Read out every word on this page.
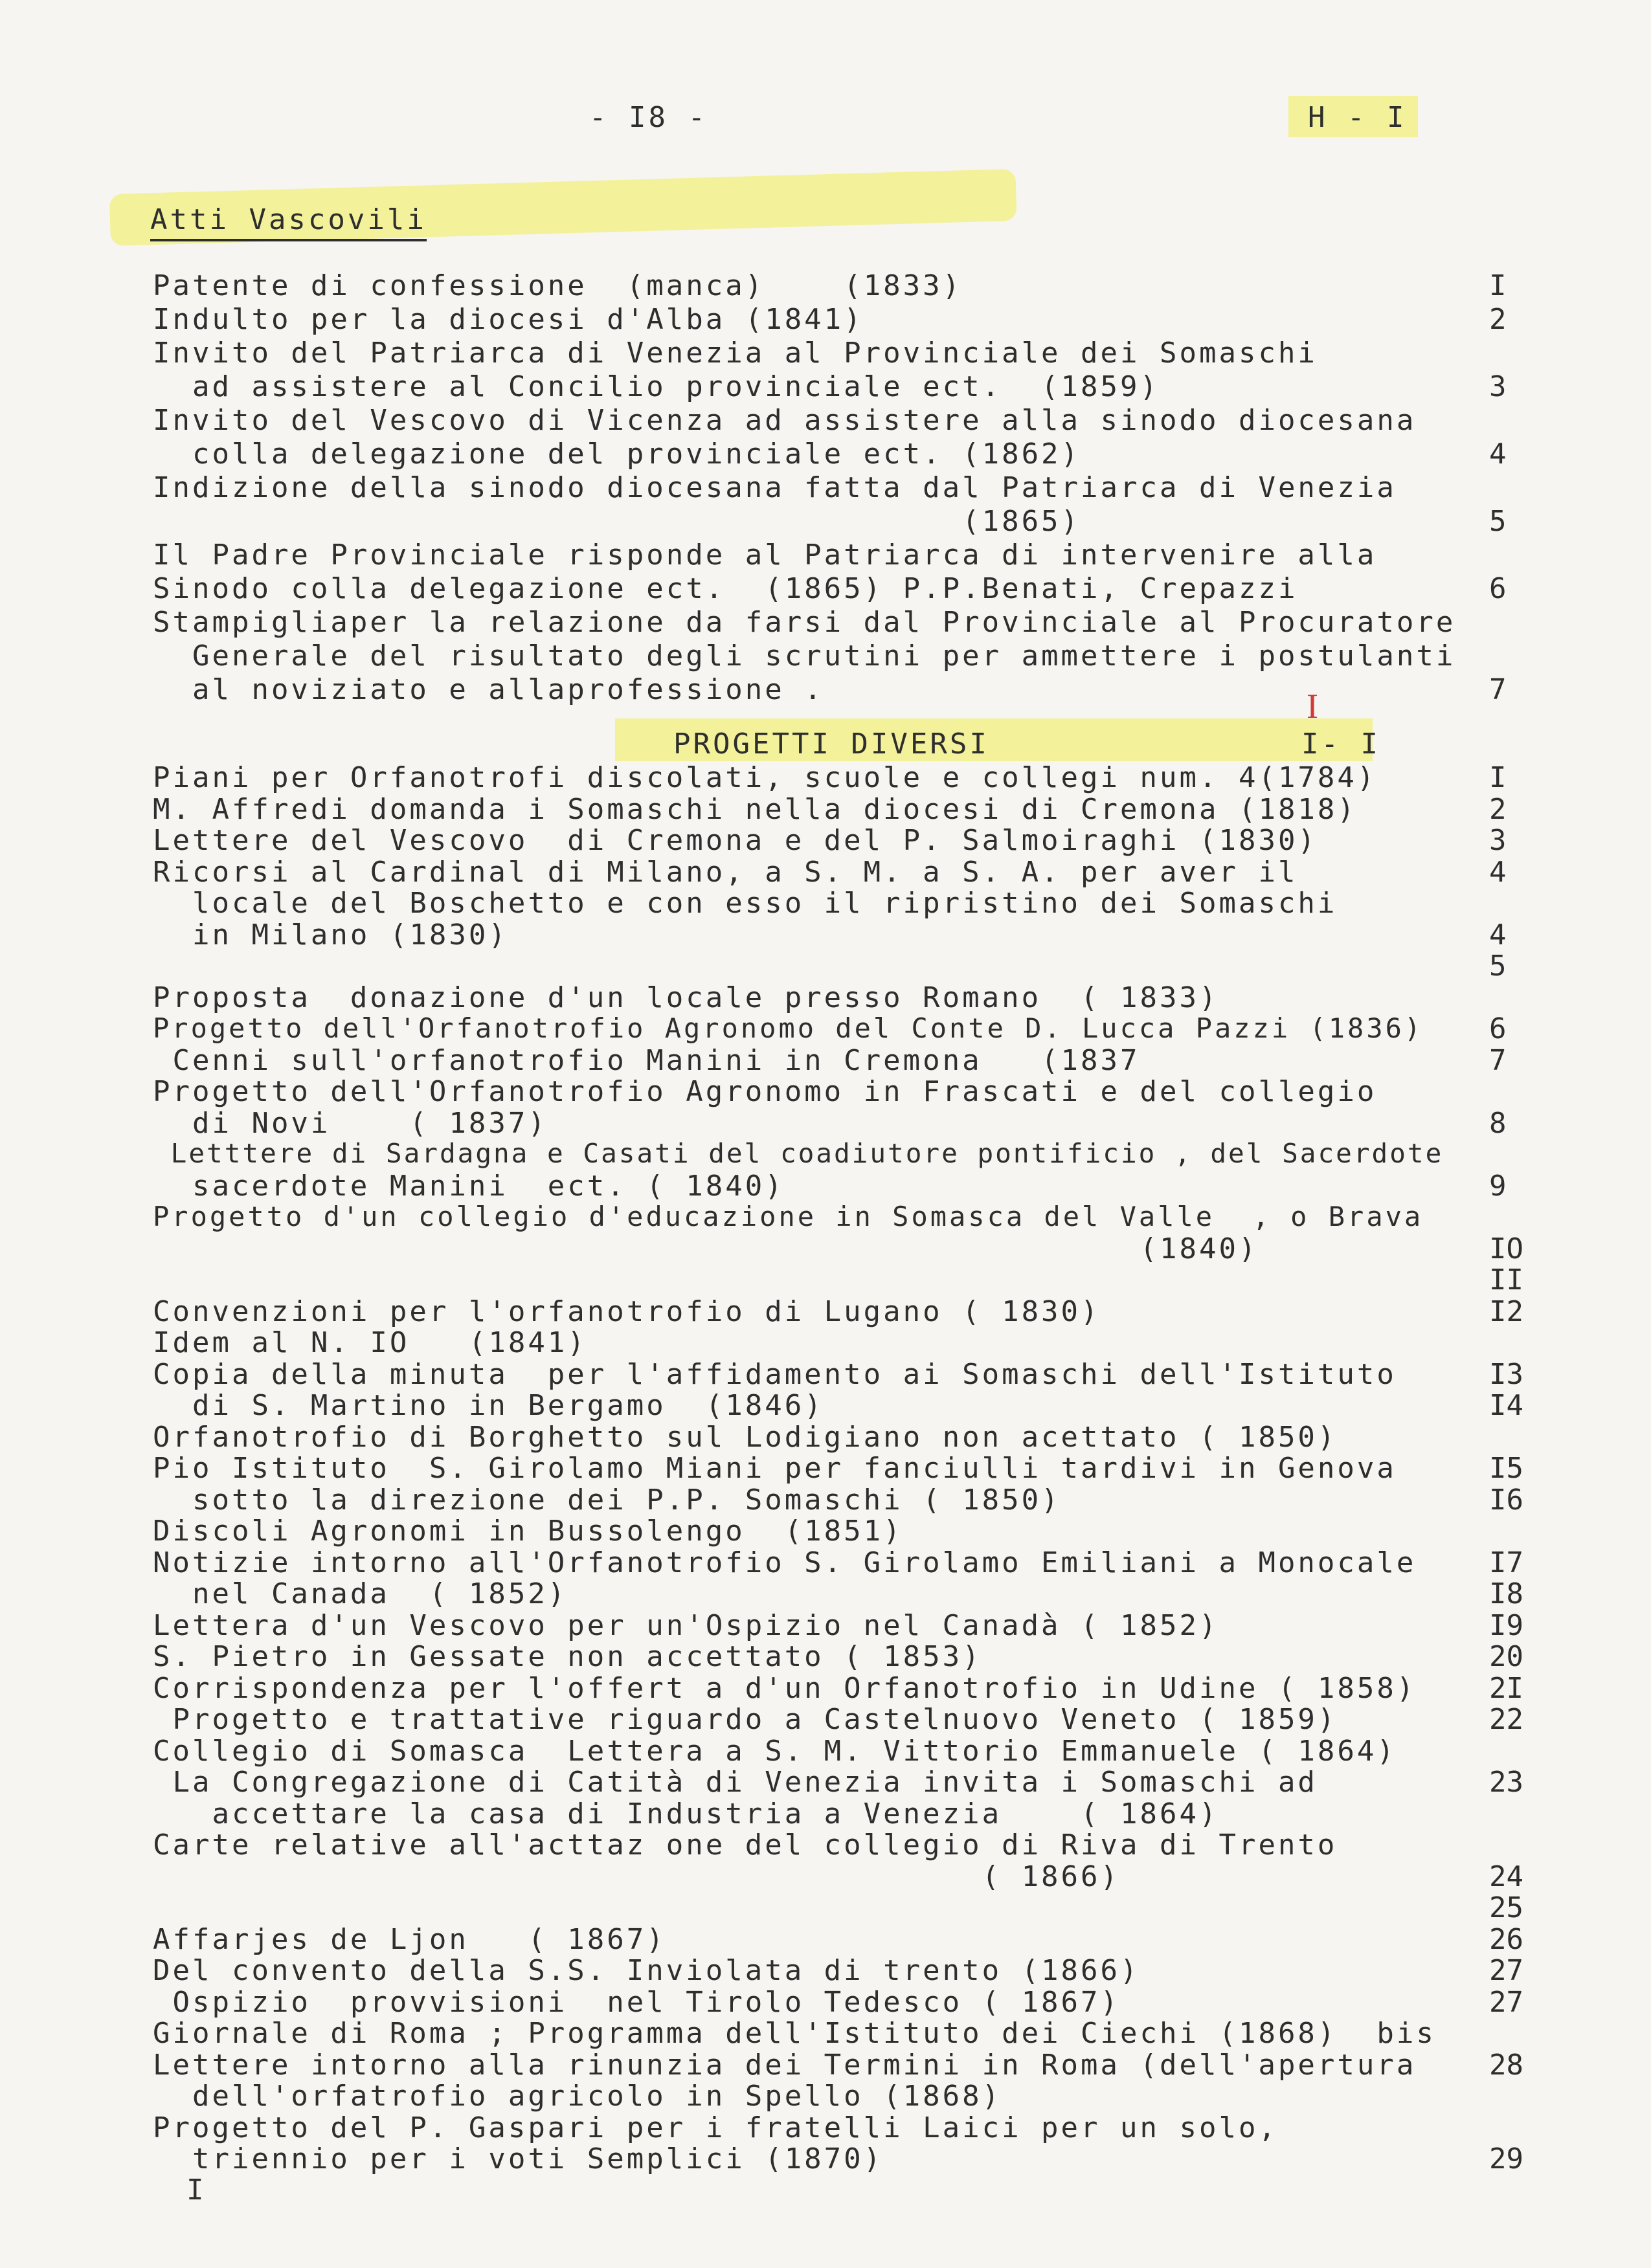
- I8 -	H - I
Atti Vascovili
Patente di confessione  (manca)    (1833)	I
Indulto per la diocesi d'Alba (1841)	2
Invito del Patriarca di Venezia al Provinciale dei Somaschi
ad assistere al Concilio provinciale ect.  (1859)	3
Invito del Vescovo di Vicenza ad assistere alla sinodo diocesana
colla delegazione del provinciale ect. (1862)	4
Indizione della sinodo diocesana fatta dal Patriarca di Venezia
(1865)	5
Il Padre Provinciale risponde al Patriarca di intervenire alla
Sinodo colla delegazione ect.  (1865) P.P.Benati, Crepazzi	6
Stampigliaper la relazione da farsi dal Provinciale al Procuratore
Generale del risultato degli scrutini per ammettere i postulanti
al noviziato e allaprofessione .	7
PROGETTI DIVERSI
I
I- I
Piani per Orfanotrofi discolati, scuole e collegi num. 4(1784)	I
M. Affredi domanda i Somaschi nella diocesi di Cremona (1818)	2
Lettere del Vescovo  di Cremona e del P. Salmoiraghi (1830)	3
Ricorsi al Cardinal di Milano, a S. M. a S. A. per aver il	4
locale del Boschetto e con esso il ripristino dei Somaschi
in Milano (1830)	4
5
Proposta  donazione d'un locale presso Romano  ( 1833)
Progetto dell'Orfanotrofio Agronomo del Conte D. Lucca Pazzi (1836) 6
Cenni sull'orfanotrofio Manini in Cremona   (1837	7
Progetto dell'Orfanotrofio Agronomo in Frascati e del collegio
di Novi    ( 1837)	8
Letttere di Sardagna e Casati del coadiutore pontificio , del Sacerdote
sacerdote Manini  ect. ( 1840)	9
Progetto d'un collegio d'educazione in Somasca del Valle  , o Brava
(1840)	IO
II
Convenzioni per l'orfanotrofio di Lugano ( 1830)	I2
Idem al N. IO   (1841)
Copia della minuta  per l'affidamento ai Somaschi dell'Istituto	I3
di S. Martino in Bergamo  (1846)	I4
Orfanotrofio di Borghetto sul Lodigiano non acettato ( 1850)
Pio Istituto  S. Girolamo Miani per fanciulli tardivi in Genova	I5
sotto la direzione dei P.P. Somaschi ( 1850)	I6
Discoli Agronomi in Bussolengo  (1851)
Notizie intorno all'Orfanotrofio S. Girolamo Emiliani a Monocale	I7
nel Canada  ( 1852)	I8
Lettera d'un Vescovo per un'Ospizio nel Canadà ( 1852)	I9
S. Pietro in Gessate non accettato ( 1853)	20
Corrispondenza per l'offert a d'un Orfanotrofio in Udine ( 1858)	2I
Progetto e trattative riguardo a Castelnuovo Veneto ( 1859)	22
Collegio di Somasca  Lettera a S. M. Vittorio Emmanuele ( 1864)
La Congregazione di Catità di Venezia invita i Somaschi ad	23
accettare la casa di Industria a Venezia    ( 1864)
Carte relative all'acttaz one del collegio di Riva di Trento
( 1866)	24
25
Affarjes de Ljon   ( 1867)	26
Del convento della S.S. Inviolata di trento (1866)	27
Ospizio  provvisioni  nel Tirolo Tedesco ( 1867)	27
Giornale di Roma ; Programma dell'Istituto dei Ciechi (1868)  bis
Lettere intorno alla rinunzia dei Termini in Roma (dell'apertura	28
dell'orfatrofio agricolo in Spello (1868)
Progetto del P. Gaspari per i fratelli Laici per un solo,
triennio per i voti Semplici (1870)	29
I
